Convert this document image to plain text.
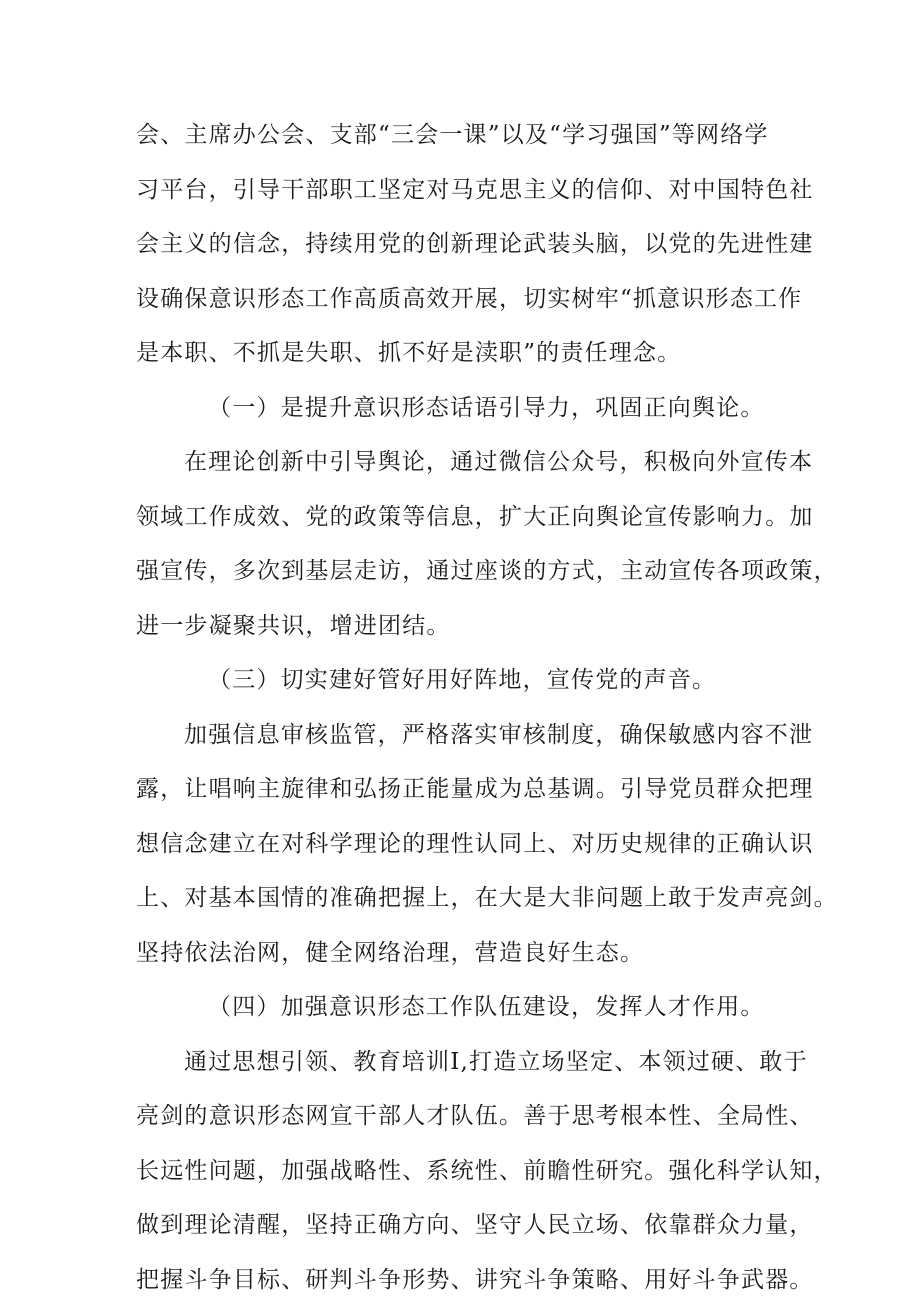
会、主席办公会、支部“三会一课”以及“学习强国”等网络学
习平台，引导干部职工坚定对马克思主义的信仰、对中国特色社
会主义的信念，持续用党的创新理论武装头脑，以党的先进性建
设确保意识形态工作高质高效开展，切实树牢“抓意识形态工作
是本职、不抓是失职、抓不好是渎职”的责任理念。
（一）是提升意识形态话语引导力，巩固正向舆论。
在理论创新中引导舆论，通过微信公众号，积极向外宣传本
领域工作成效、党的政策等信息，扩大正向舆论宣传影响力。加
强宣传，多次到基层走访，通过座谈的方式，主动宣传各项政策，
进一步凝聚共识，增进团结。
（三）切实建好管好用好阵地，宣传党的声音。
加强信息审核监管，严格落实审核制度，确保敏感内容不泄
露，让唱响主旋律和弘扬正能量成为总基调。引导党员群众把理
想信念建立在对科学理论的理性认同上、对历史规律的正确认识
上、对基本国情的准确把握上，在大是大非问题上敢于发声亮剑。
坚持依法治网，健全网络治理，营造良好生态。
（四）加强意识形态工作队伍建设，发挥人才作用。
通过思想引领、教育培训I,打造立场坚定、本领过硬、敢于
亮剑的意识形态网宣干部人才队伍。善于思考根本性、全局性、
长远性问题，加强战略性、系统性、前瞻性研究。强化科学认知，
做到理论清醒，坚持正确方向、坚守人民立场、依靠群众力量，
把握斗争目标、研判斗争形势、讲究斗争策略、用好斗争武器。
